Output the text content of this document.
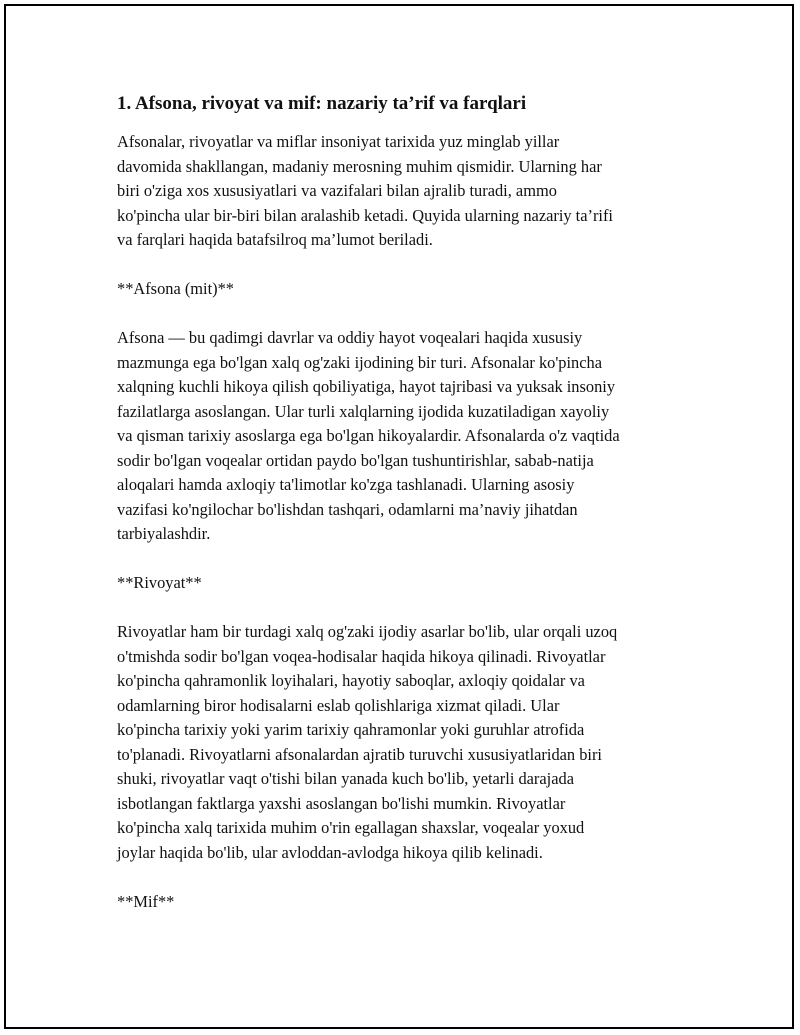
1. Afsona, rivoyat va mif: nazariy ta’rif va farqlari
Afsonalar, rivoyatlar va miflar insoniyat tarixida yuz minglab yillar
davomida shakllangan, madaniy merosning muhim qismidir. Ularning har
biri o'ziga xos xususiyatlari va vazifalari bilan ajralib turadi, ammo
ko'pincha ular bir-biri bilan aralashib ketadi. Quyida ularning nazariy ta’rifi
va farqlari haqida batafsilroq ma’lumot beriladi.
**Afsona (mit)**
Afsona — bu qadimgi davrlar va oddiy hayot voqealari haqida xususiy
mazmunga ega bo'lgan xalq og'zaki ijodining bir turi. Afsonalar ko'pincha
xalqning kuchli hikoya qilish qobiliyatiga, hayot tajribasi va yuksak insoniy
fazilatlarga asoslangan. Ular turli xalqlarning ijodida kuzatiladigan xayoliy
va qisman tarixiy asoslarga ega bo'lgan hikoyalardir. Afsonalarda o'z vaqtida
sodir bo'lgan voqealar ortidan paydo bo'lgan tushuntirishlar, sabab-natija
aloqalari hamda axloqiy ta'limotlar ko'zga tashlanadi. Ularning asosiy
vazifasi ko'ngilochar bo'lishdan tashqari, odamlarni ma’naviy jihatdan
tarbiyalashdir.
**Rivoyat**
Rivoyatlar ham bir turdagi xalq og'zaki ijodiy asarlar bo'lib, ular orqali uzoq
o'tmishda sodir bo'lgan voqea-hodisalar haqida hikoya qilinadi. Rivoyatlar
ko'pincha qahramonlik loyihalari, hayotiy saboqlar, axloqiy qoidalar va
odamlarning biror hodisalarni eslab qolishlariga xizmat qiladi. Ular
ko'pincha tarixiy yoki yarim tarixiy qahramonlar yoki guruhlar atrofida
to'planadi. Rivoyatlarni afsonalardan ajratib turuvchi xususiyatlaridan biri
shuki, rivoyatlar vaqt o'tishi bilan yanada kuch bo'lib, yetarli darajada
isbotlangan faktlarga yaxshi asoslangan bo'lishi mumkin. Rivoyatlar
ko'pincha xalq tarixida muhim o'rin egallagan shaxslar, voqealar yoxud
joylar haqida bo'lib, ular avloddan-avlodga hikoya qilib kelinadi.
**Mif**
